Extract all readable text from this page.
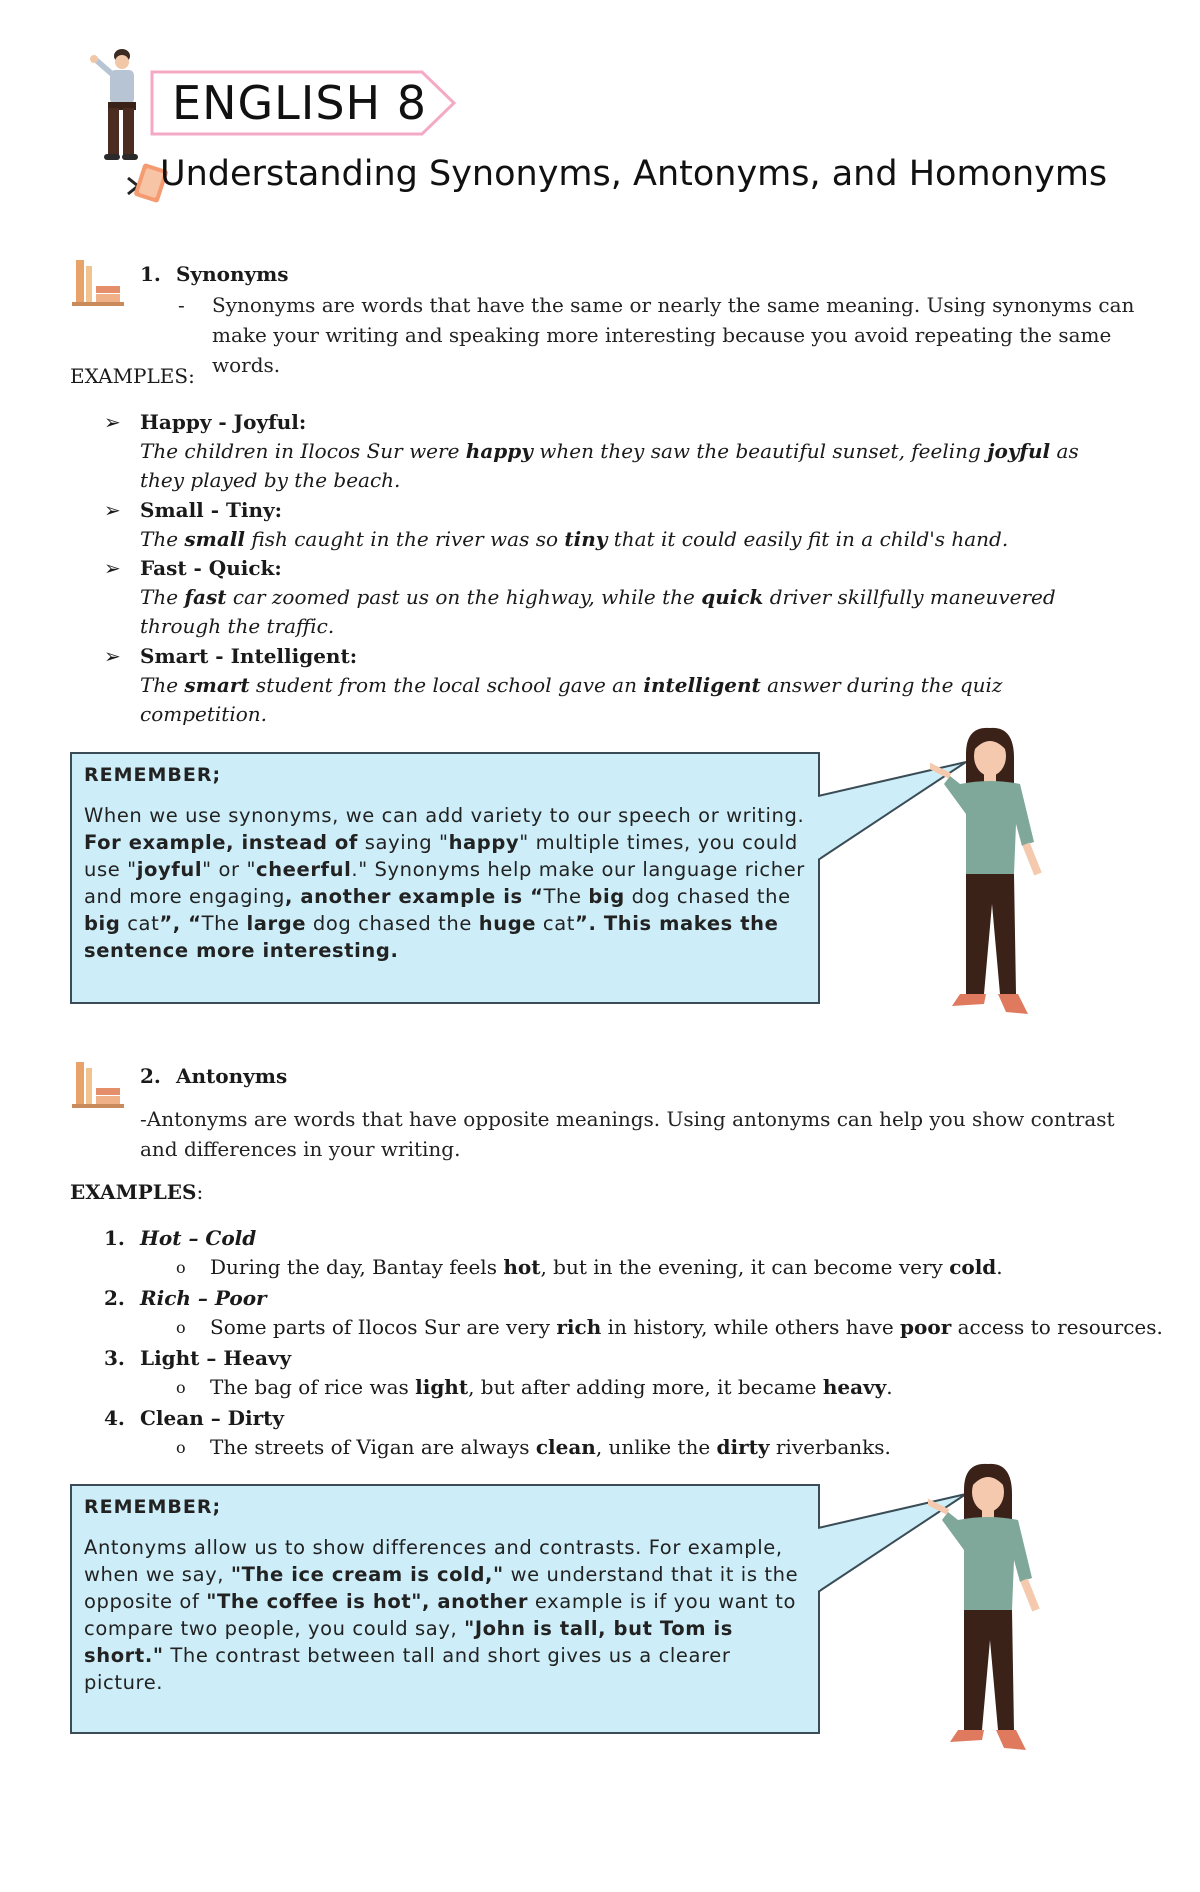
ENGLISH 8
Understanding Synonyms, Antonyms, and Homonyms
1. Synonyms
- Synonyms are words that have the same or nearly the same meaning. Using synonyms can make your writing and speaking more interesting because you avoid repeating the same words.
EXAMPLES:
➢ Happy - Joyful:
The children in Ilocos Sur were happy when they saw the beautiful sunset, feeling joyful as they played by the beach.
➢ Small - Tiny:
The small fish caught in the river was so tiny that it could easily fit in a child's hand.
➢ Fast - Quick:
The fast car zoomed past us on the highway, while the quick driver skillfully maneuvered through the traffic.
➢ Smart - Intelligent:
The smart student from the local school gave an intelligent answer during the quiz competition.
REMEMBER;
When we use synonyms, we can add variety to our speech or writing. For example, instead of saying "happy" multiple times, you could use "joyful" or "cheerful." Synonyms help make our language richer and more engaging, another example is “The big dog chased the big cat”, “The large dog chased the huge cat”. This makes the sentence more interesting.
2. Antonyms
-Antonyms are words that have opposite meanings. Using antonyms can help you show contrast and differences in your writing.
EXAMPLES:
1. Hot – Cold
o During the day, Bantay feels hot, but in the evening, it can become very cold.
2. Rich – Poor
o Some parts of Ilocos Sur are very rich in history, while others have poor access to resources.
3. Light – Heavy
o The bag of rice was light, but after adding more, it became heavy.
4. Clean – Dirty
o The streets of Vigan are always clean, unlike the dirty riverbanks.
REMEMBER;
Antonyms allow us to show differences and contrasts. For example, when we say, "The ice cream is cold," we understand that it is the opposite of "The coffee is hot", another example is if you want to compare two people, you could say, "John is tall, but Tom is short." The contrast between tall and short gives us a clearer picture.
